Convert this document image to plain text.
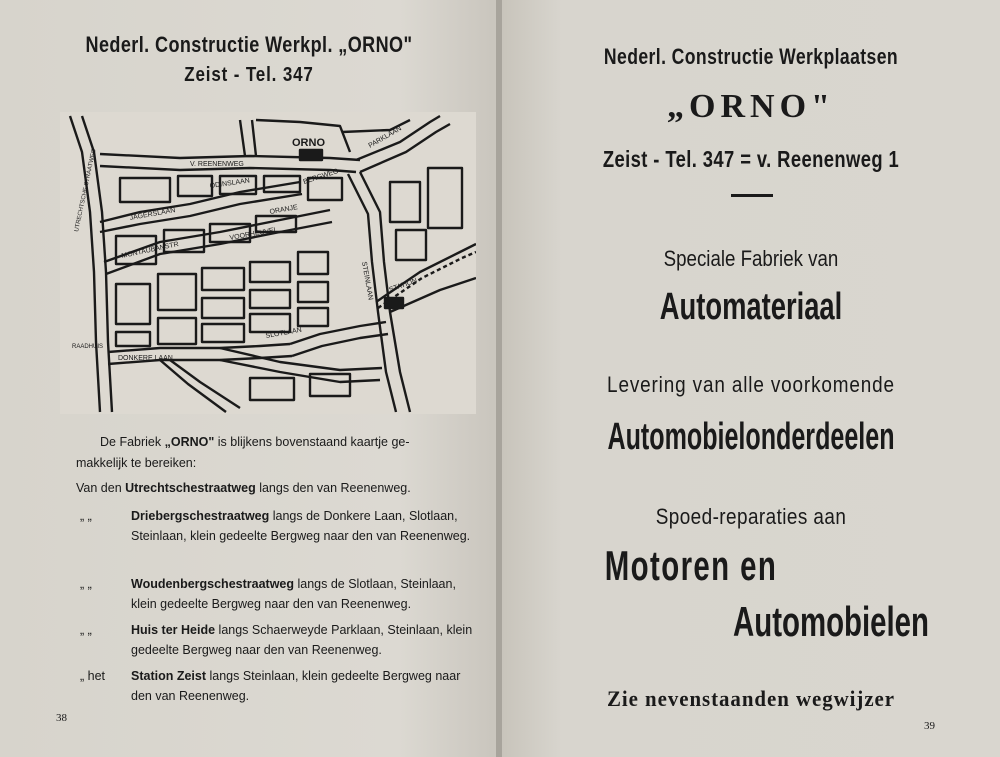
Nederl. Constructie Werkpl. „ORNO"
Zeist - Tel. 347
ORNO
V. REENENWEG
BERGWEG
ODINSLAAN
ORANJE
VOORHEUVEL
STEINLAAN
PARKLAAN
MONTAUBANSTR
JAGERSLAAN
DONKERE LAAN
SLOTLAAN
RAADHUIS
STATION
UTRECHTSCHE STRAATWEG
De Fabriek „ORNO" is blijkens bovenstaand kaartje ge-
makkelijk te bereiken:
Van den Utrechtschestraatweg langs den van Reenenweg.
„ „	Driebergschestraatweg langs de Donkere Laan, Slotlaan, Steinlaan, klein gedeelte Bergweg naar den van Reenenweg.
„ „	Woudenbergschestraatweg langs de Slotlaan, Steinlaan, klein gedeelte Bergweg naar den van Reenenweg.
„ „	Huis ter Heide langs Schaerweyde Parklaan, Steinlaan, klein gedeelte Bergweg naar den van Reenenweg.
„ het	Station Zeist langs Steinlaan, klein gedeelte Bergweg naar den van Reenenweg.
38
Nederl. Constructie Werkplaatsen
„ORNO"
Zeist - Tel. 347 = v. Reenenweg 1
Speciale Fabriek van
Automateriaal
Levering van alle voorkomende
Automobielonderdeelen
Spoed-reparaties aan
Motoren en
Automobielen
Zie nevenstaanden wegwijzer
39
